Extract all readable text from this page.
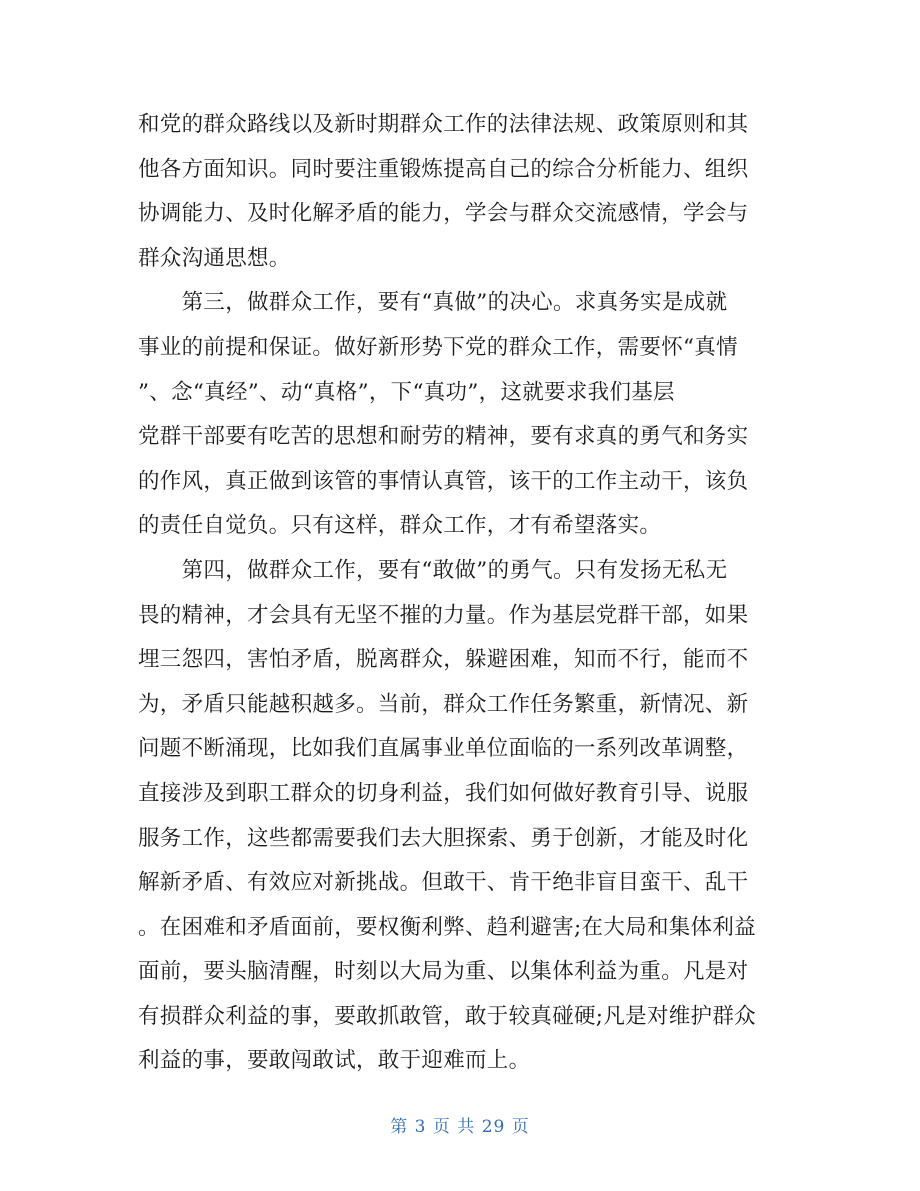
和党的群众路线以及新时期群众工作的法律法规、政策原则和其
他各方面知识。同时要注重锻炼提高自己的综合分析能力、组织
协调能力、及时化解矛盾的能力，学会与群众交流感情，学会与
群众沟通思想。
　　第三，做群众工作，要有“真做”的决心。求真务实是成就
事业的前提和保证。做好新形势下党的群众工作，需要怀“真情
”、念“真经”、动“真格”，下“真功”，这就要求我们基层
党群干部要有吃苦的思想和耐劳的精神，要有求真的勇气和务实
的作风，真正做到该管的事情认真管，该干的工作主动干，该负
的责任自觉负。只有这样，群众工作，才有希望落实。
　　第四，做群众工作，要有“敢做”的勇气。只有发扬无私无
畏的精神，才会具有无坚不摧的力量。作为基层党群干部，如果
埋三怨四，害怕矛盾，脱离群众，躲避困难，知而不行，能而不
为，矛盾只能越积越多。当前，群众工作任务繁重，新情况、新
问题不断涌现，比如我们直属事业单位面临的一系列改革调整，
直接涉及到职工群众的切身利益，我们如何做好教育引导、说服
服务工作，这些都需要我们去大胆探索、勇于创新，才能及时化
解新矛盾、有效应对新挑战。但敢干、肯干绝非盲目蛮干、乱干
。在困难和矛盾面前，要权衡利弊、趋利避害;在大局和集体利益
面前，要头脑清醒，时刻以大局为重、以集体利益为重。凡是对
有损群众利益的事，要敢抓敢管，敢于较真碰硬;凡是对维护群众
利益的事，要敢闯敢试，敢于迎难而上。
第 3 页 共 29 页
